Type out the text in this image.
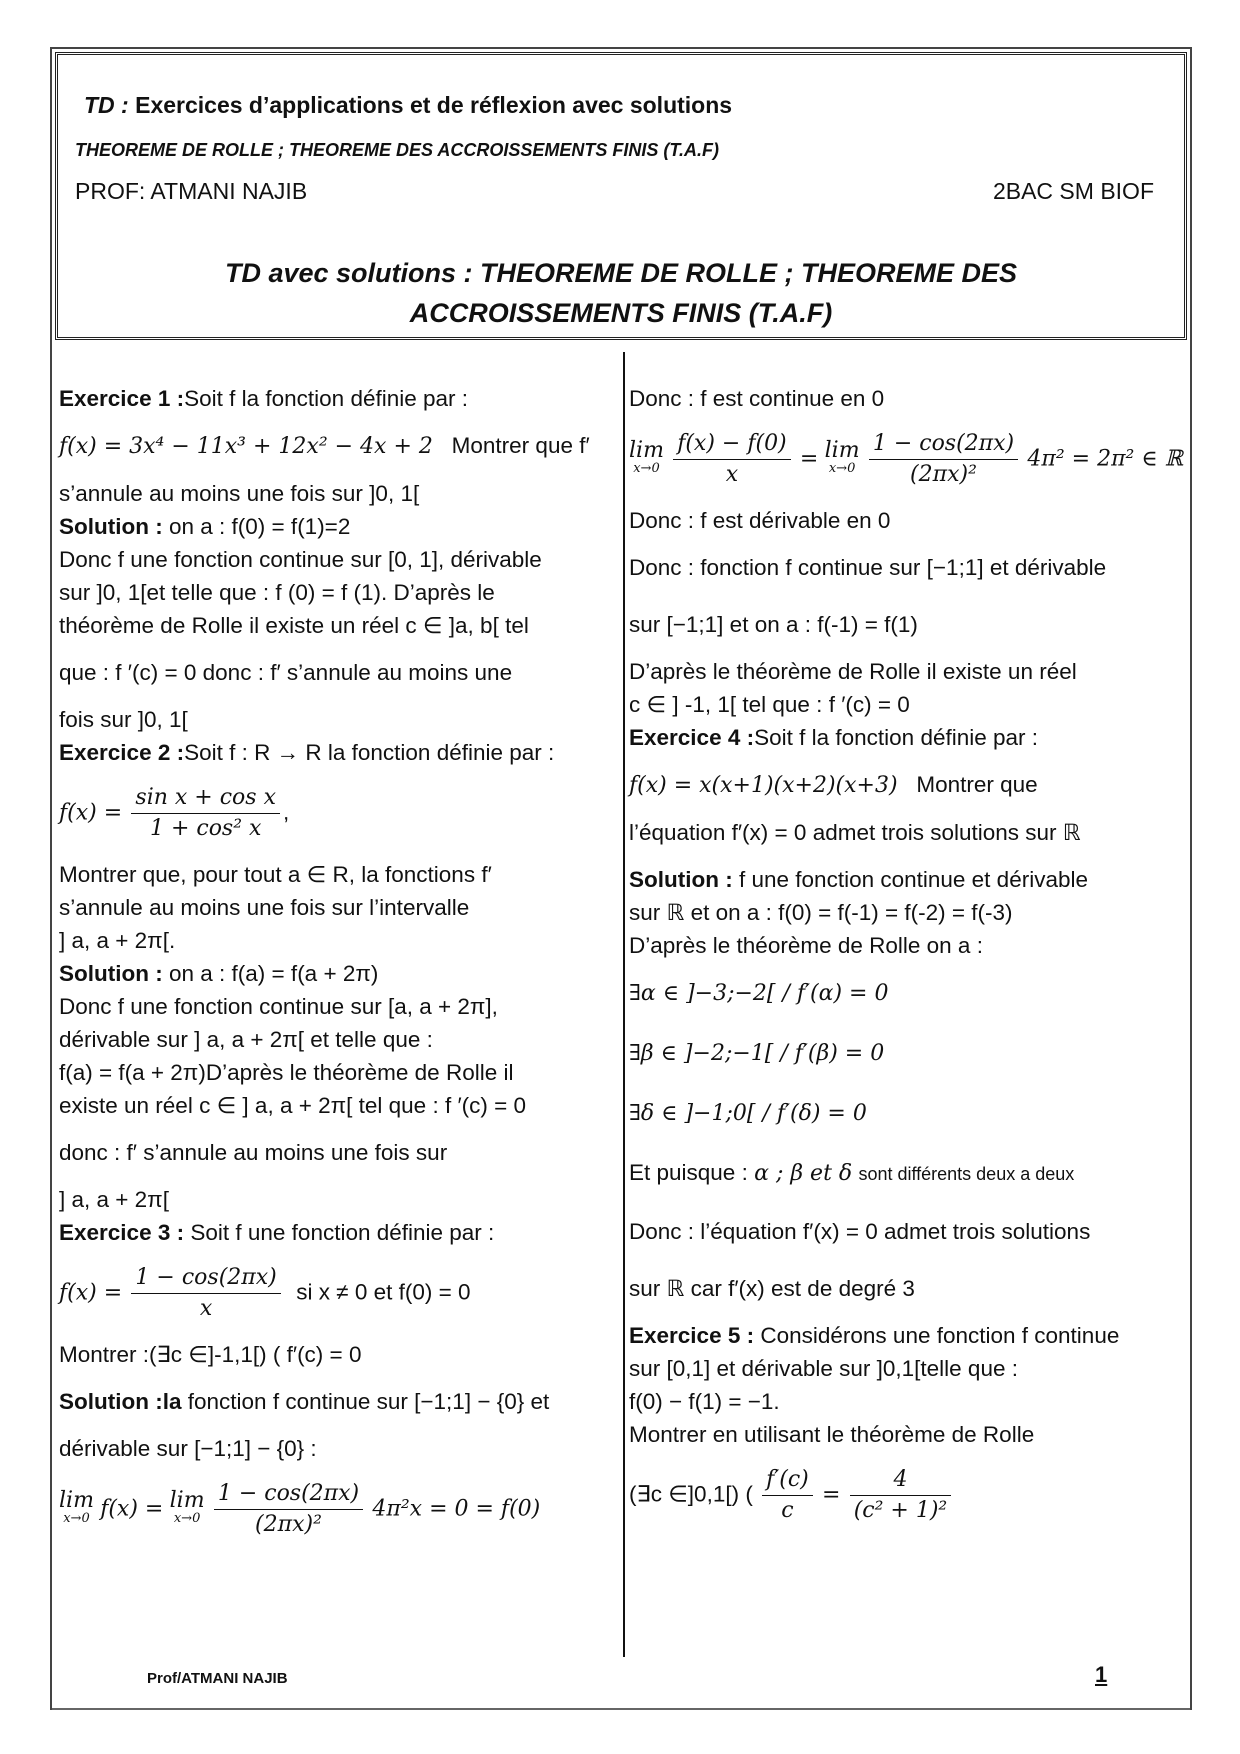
TD : Exercices d’applications et de réflexion avec solutions
THEOREME DE ROLLE ; THEOREME DES ACCROISSEMENTS FINIS (T.A.F)
PROF: ATMANI NAJIB	2BAC SM BIOF
TD avec solutions : THEOREME DE ROLLE ; THEOREME DES
ACCROISSEMENTS FINIS (T.A.F)

Exercice 1 :Soit f la fonction définie par :

f(x) = 3x⁴ − 11x³ + 12x² − 4x + 2 Montrer que f′

s’annule au moins une fois sur ]0, 1[

Solution : on a : f(0) = f(1)=2

Donc f une fonction continue sur [0, 1], dérivable

sur ]0, 1[et telle que : f (0) = f (1). D’après le

théorème de Rolle il existe un réel c ∈ ]a, b[ tel

que : f ′(c) = 0 donc : f′ s’annule au moins une

fois sur ]0, 1[

Exercice 2 :Soit f : R → R la fonction définie par :

$f(x) = \frac{\text{sin x + cos x}}{\text{1 + cos² x}}$ ,

Montrer que, pour tout a ∈ R, la fonctions f′

s’annule au moins une fois sur l’intervalle

] a, a + 2π[.

Solution : on a : f(a) = f(a + 2π)

Donc f une fonction continue sur [a, a + 2π],

dérivable sur ] a, a + 2π[ et telle que :

f(a) = f(a + 2π)D’après le théorème de Rolle il

existe un réel c ∈ ] a, a + 2π[ tel que : f ′(c) = 0

donc : f′ s’annule au moins une fois sur

] a, a + 2π[

Exercice 3 : Soit f une fonction définie par :

$f(x) = \frac{1 - \cos(2\pi x)}{x}$ si x ≠ 0 et f(0) = 0

Montrer :(∃c ∈]-1,1[) ( f′(c) = 0

Solution :la fonction f continue sur [−1;1] − {0} et

dérivable sur [−1;1] − {0} :

lim
x→0 f(x) = lim
x→0
$\frac{1 - \cos(2\pi x)}{\text{(2πx)²}} 4\pi^2x = 0 = f(0)$

Donc : f est continue en 0

lim
x→0
$\frac{f(x) - f(0)}{x} = \lim$
x→0
$\frac{1 - \cos(2\pi x)}{\text{(2πx)²}} 4\pi^2 = 2\pi^2$ ∈ ℝ

Donc : f est dérivable en 0

Donc : fonction f continue sur [−1;1] et dérivable

sur [−1;1] et on a : f(-1) = f(1)

D’après le théorème de Rolle il existe un réel

c ∈ ] -1, 1[ tel que : f ′(c) = 0

Exercice 4 :Soit f la fonction définie par :

f(x) = x(x+1)(x+2)(x+3) Montrer que

l’équation f′(x) = 0 admet trois solutions sur ℝ

Solution : f une fonction continue et dérivable

sur ℝ et on a : f(0) = f(-1) = f(-2) = f(-3)

D’après le théorème de Rolle on a :

∃α ∈ ]−3;−2[ / f′(α) = 0

∃β ∈ ]−2;−1[ / f′(β) = 0

∃δ ∈ ]−1;0[ / f′(δ) = 0

Et puisque : α ; β et δ sont différents deux a deux

Donc : l’équation f′(x) = 0 admet trois solutions

sur ℝ car f′(x) est de degré 3

Exercice 5 : Considérons une fonction f continue

sur [0,1] et dérivable sur ]0,1[telle que :

f(0) − f(1) = −1.

Montrer en utilisant le théorème de Rolle

(∃c ∈]0,1[) ( $\frac{f'(c)}{c} = \frac{4}{\text{(c² + 1)²}}$

Prof/ATMANI NAJIB	1
